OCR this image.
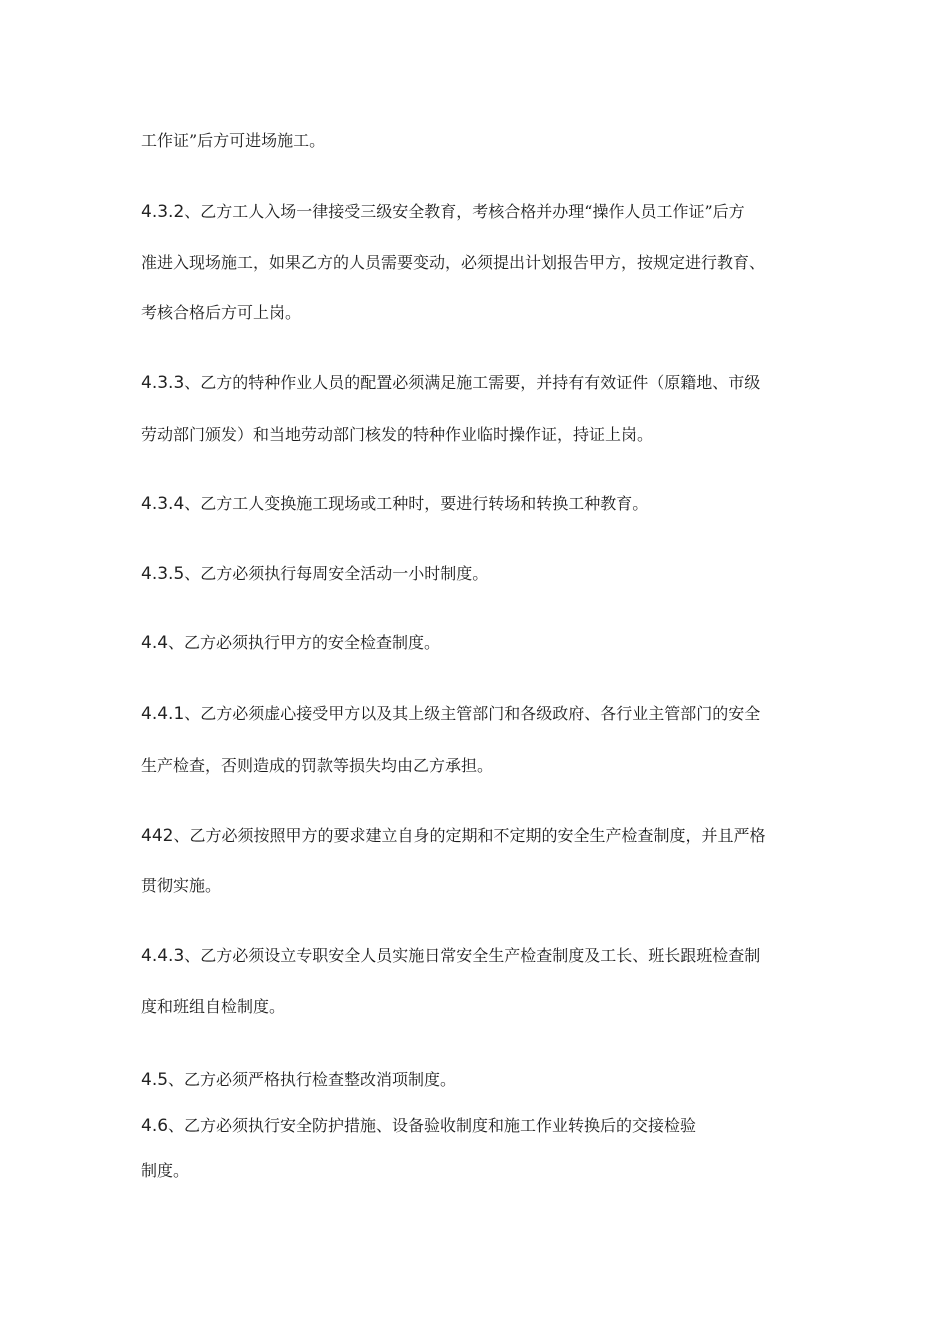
工作证”后方可进场施工。
4.3.2、乙方工人入场一律接受三级安全教育，考核合格并办理“操作人员工作证”后方
准进入现场施工，如果乙方的人员需要变动，必须提出计划报告甲方，按规定进行教育、
考核合格后方可上岗。
4.3.3、乙方的特种作业人员的配置必须满足施工需要，并持有有效证件（原籍地、市级
劳动部门颁发）和当地劳动部门核发的特种作业临时操作证，持证上岗。
4.3.4、乙方工人变换施工现场或工种时，要进行转场和转换工种教育。
4.3.5、乙方必须执行每周安全活动一小时制度。
4.4、乙方必须执行甲方的安全检查制度。
4.4.1、乙方必须虚心接受甲方以及其上级主管部门和各级政府、各行业主管部门的安全
生产检查，否则造成的罚款等损失均由乙方承担。
442、乙方必须按照甲方的要求建立自身的定期和不定期的安全生产检查制度，并且严格
贯彻实施。
4.4.3、乙方必须设立专职安全人员实施日常安全生产检查制度及工长、班长跟班检查制
度和班组自检制度。
4.5、乙方必须严格执行检查整改消项制度。
4.6、乙方必须执行安全防护措施、设备验收制度和施工作业转换后的交接检验
制度。
